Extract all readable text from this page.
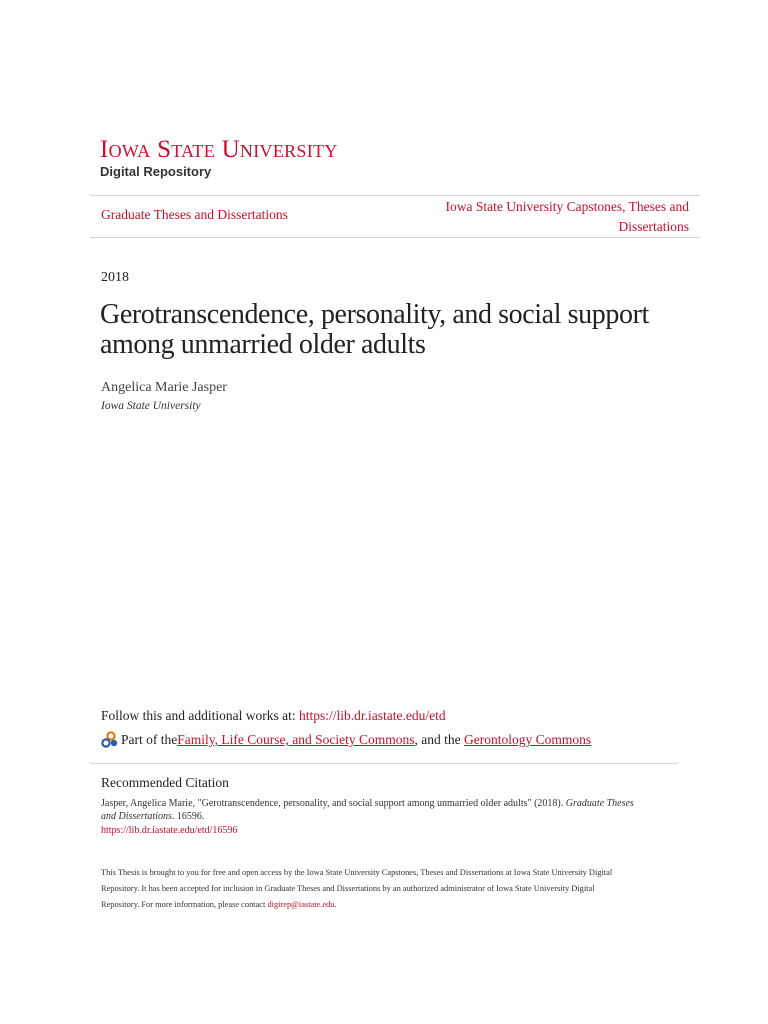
Iowa State University
Digital Repository
Graduate Theses and Dissertations
Iowa State University Capstones, Theses and
Dissertations
2018
Gerotranscendence, personality, and social support
among unmarried older adults
Angelica Marie Jasper
Iowa State University
Follow this and additional works at: https://lib.dr.iastate.edu/etd
Part of the Family, Life Course, and Society Commons , and the Gerontology Commons
Recommended Citation
Jasper, Angelica Marie, "Gerotranscendence, personality, and social support among unmarried older adults" (2018). Graduate Theses
and Dissertations. 16596.
https://lib.dr.iastate.edu/etd/16596
This Thesis is brought to you for free and open access by the Iowa State University Capstones, Theses and Dissertations at Iowa State University Digital
Repository. It has been accepted for inclusion in Graduate Theses and Dissertations by an authorized administrator of Iowa State University Digital
Repository. For more information, please contact digirep@iastate.edu.
